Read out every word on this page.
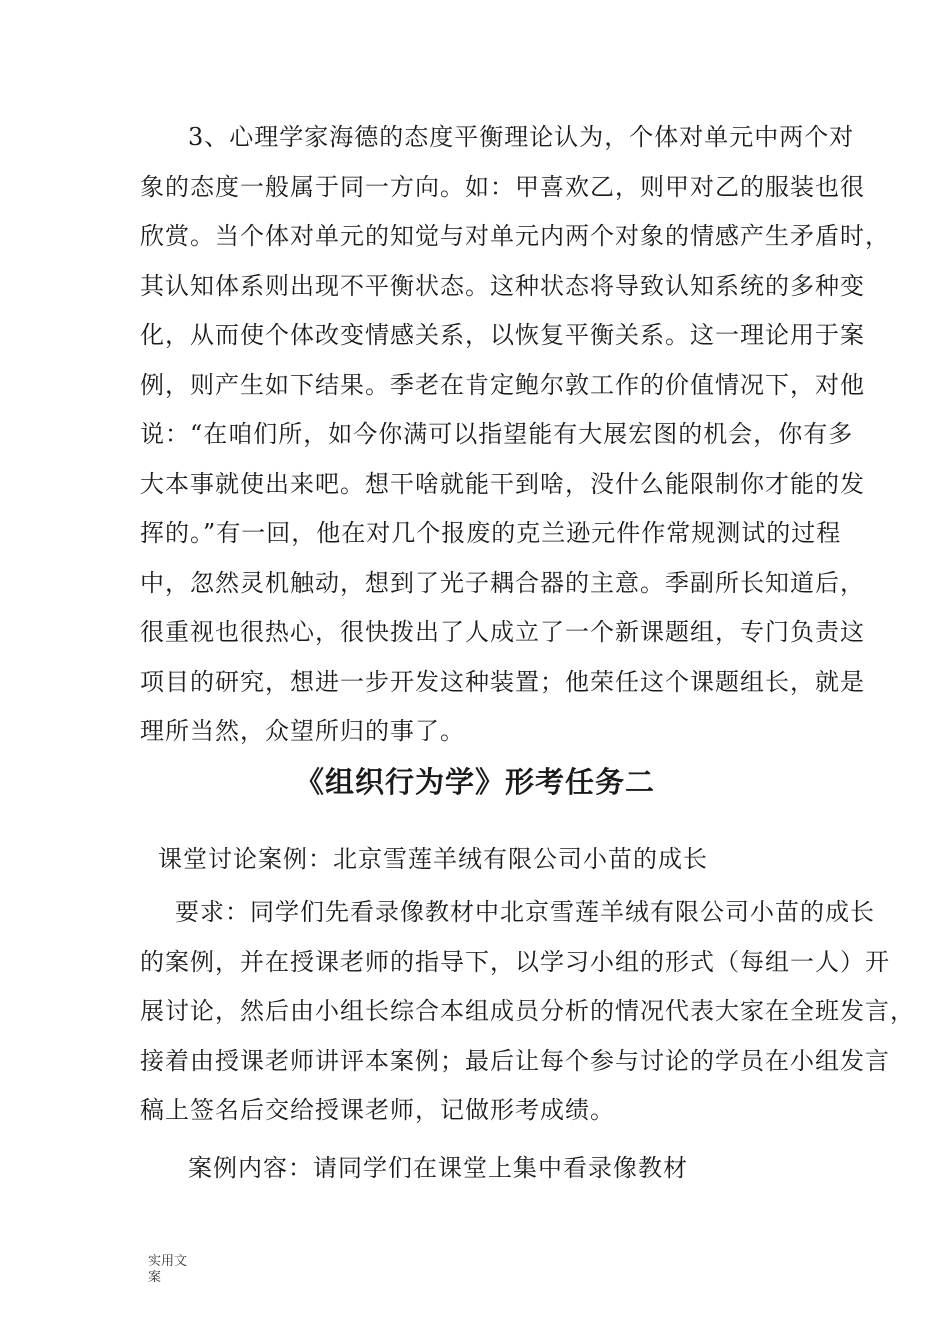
3、心理学家海德的态度平衡理论认为，个体对单元中两个对

象的态度一般属于同一方向。如：甲喜欢乙，则甲对乙的服装也很

欣赏。当个体对单元的知觉与对单元内两个对象的情感产生矛盾时，

其认知体系则出现不平衡状态。这种状态将导致认知系统的多种变

化，从而使个体改变情感关系，以恢复平衡关系。这一理论用于案

例，则产生如下结果。季老在肯定鲍尔敦工作的价值情况下，对他

说：“在咱们所，如今你满可以指望能有大展宏图的机会，你有多

大本事就使出来吧。想干啥就能干到啥，没什么能限制你才能的发

挥的。”有一回，他在对几个报废的克兰逊元件作常规测试的过程

中，忽然灵机触动，想到了光子耦合器的主意。季副所长知道后，

很重视也很热心，很快拨出了人成立了一个新课题组，专门负责这

项目的研究，想进一步开发这种装置；他荣任这个课题组长，就是

理所当然，众望所归的事了。

《组织行为学》形考任务二

课堂讨论案例：北京雪莲羊绒有限公司小苗的成长

要求：同学们先看录像教材中北京雪莲羊绒有限公司小苗的成长

的案例，并在授课老师的指导下，以学习小组的形式（每组一人）开

展讨论，然后由小组长综合本组成员分析的情况代表大家在全班发言，

接着由授课老师讲评本案例；最后让每个参与讨论的学员在小组发言

稿上签名后交给授课老师，记做形考成绩。

案例内容：请同学们在课堂上集中看录像教材

实用文
案
